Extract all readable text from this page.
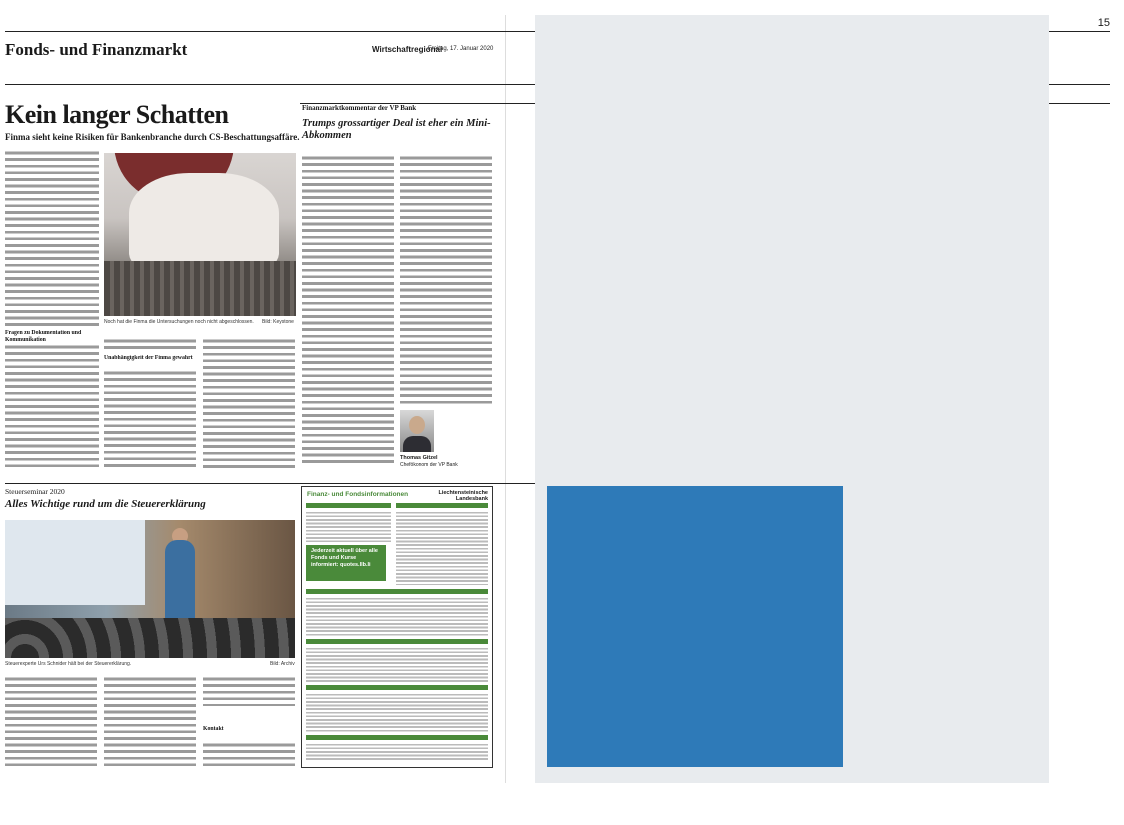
15
Fonds- und Finanzmarkt	Wirtschaftregional
Freitag, 17. Januar 2020
Kein langer Schatten
Finma sieht keine Risiken für Bankenbranche durch CS-Beschattungsaffäre.
Fragen zu Dokumentation und Kommunikation
Noch hat die Finma die Untersuchungen noch nicht abgeschlossen. Bild: Keystone
Unabhängigkeit der Finma gewahrt
Finanzmarktkommentar der VP Bank
Trumps grossartiger Deal ist eher ein Mini-Abkommen
Thomas Gitzel
Chefökonom der VP Bank
Steuerseminar 2020
Alles Wichtige rund um die Steuererklärung
Steuerexperte Urs Schnider hält bei der Steuererklärung.	Bild: Archiv
Kontakt
Finanz- und Fondsinformationen	Liechtensteinische Landesbank
Jederzeit aktuell über alle Fonds und Kurse informiert: quotes.llb.li
